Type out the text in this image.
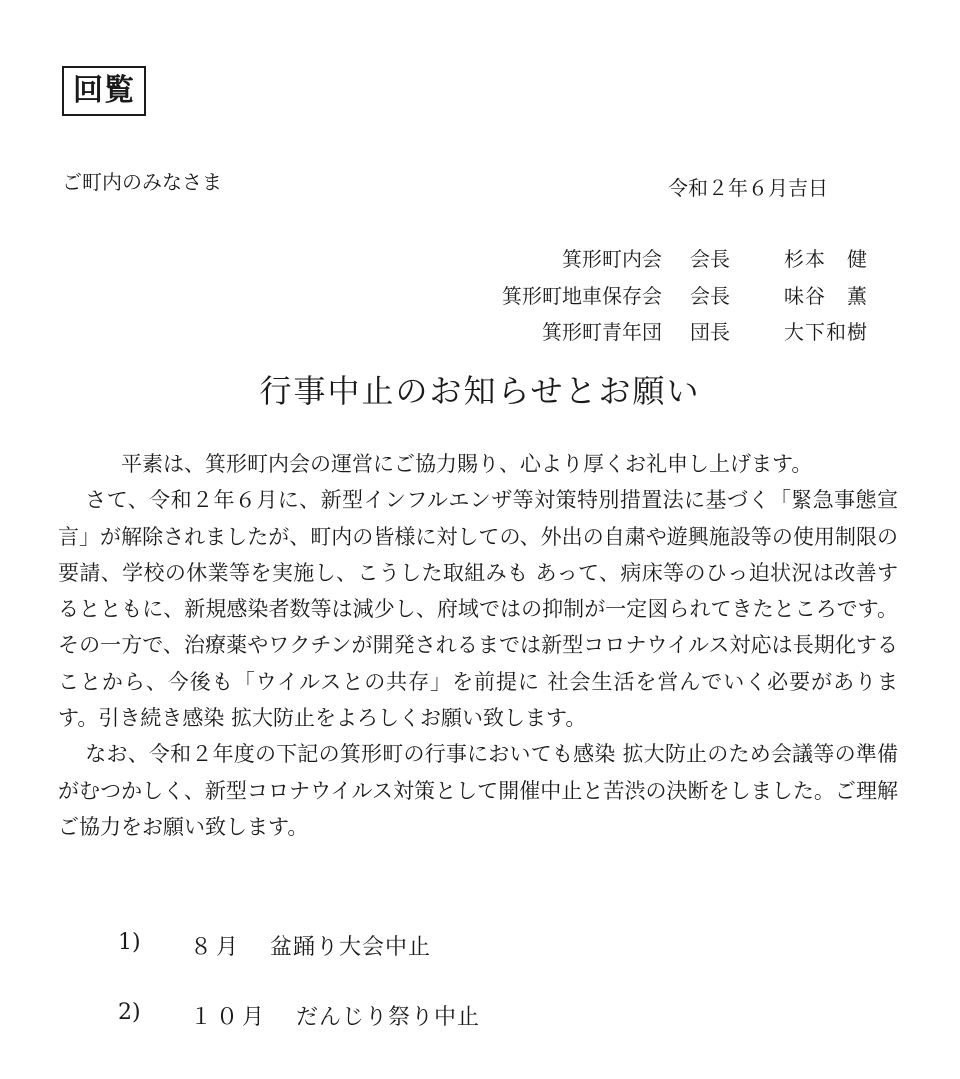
回覧
ご町内のみなさま	令和２年６月吉日
箕形町内会 会長	杉本　健
箕形町地車保存会 会長	味谷　薫
箕形町青年団 団長	大下和樹
行事中止のお知らせとお願い

平素は、箕形町内会の運営にご協力賜り、心より厚くお礼申し上げます。

さて、令和２年６月に、新型インフルエンザ等対策特別措置法に基づく「緊急事態宣言」が解除されましたが、町内の皆様に対しての、外出の自粛や遊興施設等の使用制限の要請、学校の休業等を実施し、こうした取組みも あって、病床等のひっ迫状況は改善するとともに、新規感染者数等は減少し、府域ではの抑制が一定図られてきたところです。その一方で、治療薬やワクチンが開発されるまでは新型コロナウイルス対応は長期化することから、今後も「ウイルスとの共存」を前提に 社会生活を営んでいく必要があります。引き続き感染 拡大防止をよろしくお願い致します。

なお、令和２年度の下記の箕形町の行事においても感染 拡大防止のため会議等の準備がむつかしく、新型コロナウイルス対策として開催中止と苦渋の決断をしました。ご理解ご協力をお願い致します。

1) ８月 盆踊り大会中止
2) １０月 だんじり祭り中止
